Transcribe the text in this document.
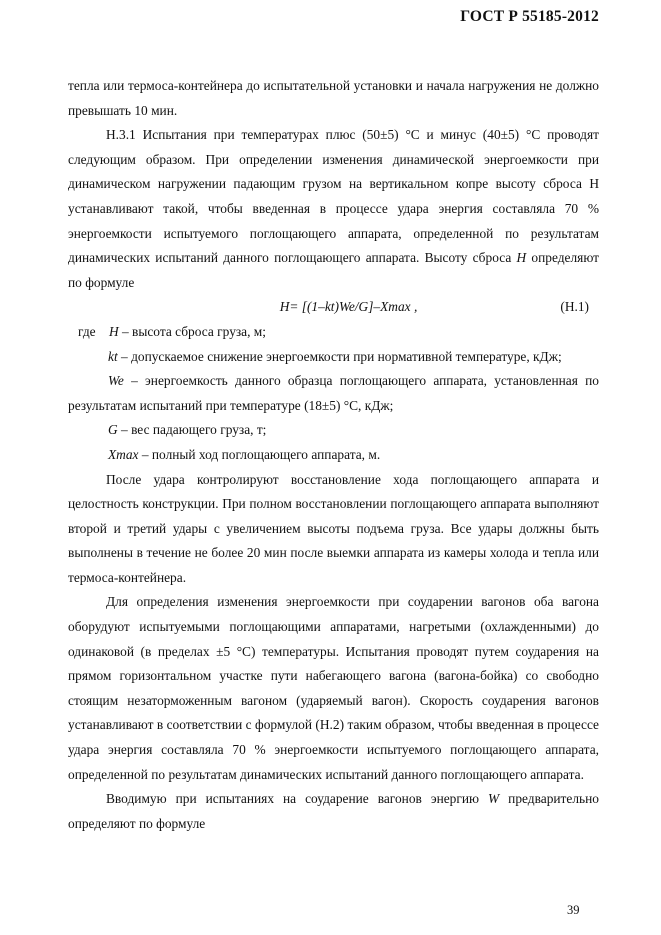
ГОСТ Р 55185-2012

тепла или термоса-контейнера до испытательной установки и начала нагружения не должно превышать 10 мин.

Н.3.1 Испытания при температурах плюс (50±5) °С и минус (40±5) °С проводят следующим образом. При определении изменения динамической энергоемкости при динамическом нагружении падающим грузом на вертикальном копре высоту сброса Н устанавливают такой, чтобы введенная в процессе удара энергия составляла 70 % энергоемкости испытуемого поглощающего аппарата, определенной по результатам динамических испытаний данного поглощающего аппарата. Высоту сброса H определяют по формуле

H= [(1–kt)We/G]–Xmax ,	(Н.1)

где H – высота сброса груза, м;

kt – допускаемое снижение энергоемкости при нормативной температуре, кДж;

We – энергоемкость данного образца поглощающего аппарата, установленная по результатам испытаний при температуре (18±5) °С, кДж;

G – вес падающего груза, т;

Xmax – полный ход поглощающего аппарата, м.

После удара контролируют восстановление хода поглощающего аппарата и целостность конструкции. При полном восстановлении поглощающего аппарата выполняют второй и третий удары с увеличением высоты подъема груза. Все удары должны быть выполнены в течение не более 20 мин после выемки аппарата из камеры холода и тепла или термоса-контейнера.

Для определения изменения энергоемкости при соударении вагонов оба вагона оборудуют испытуемыми поглощающими аппаратами, нагретыми (охлажденными) до одинаковой (в пределах ±5 °С) температуры. Испытания проводят путем соударения на прямом горизонтальном участке пути набегающего вагона (вагона-бойка) со свободно стоящим незаторможенным вагоном (ударяемый вагон). Скорость соударения вагонов устанавливают в соответствии с формулой (Н.2) таким образом, чтобы введенная в процессе удара энергия составляла 70 % энергоемкости испытуемого поглощающего аппарата, определенной по результатам динамических испытаний данного поглощающего аппарата.

Вводимую при испытаниях на соударение вагонов энергию W предварительно определяют по формуле

39
